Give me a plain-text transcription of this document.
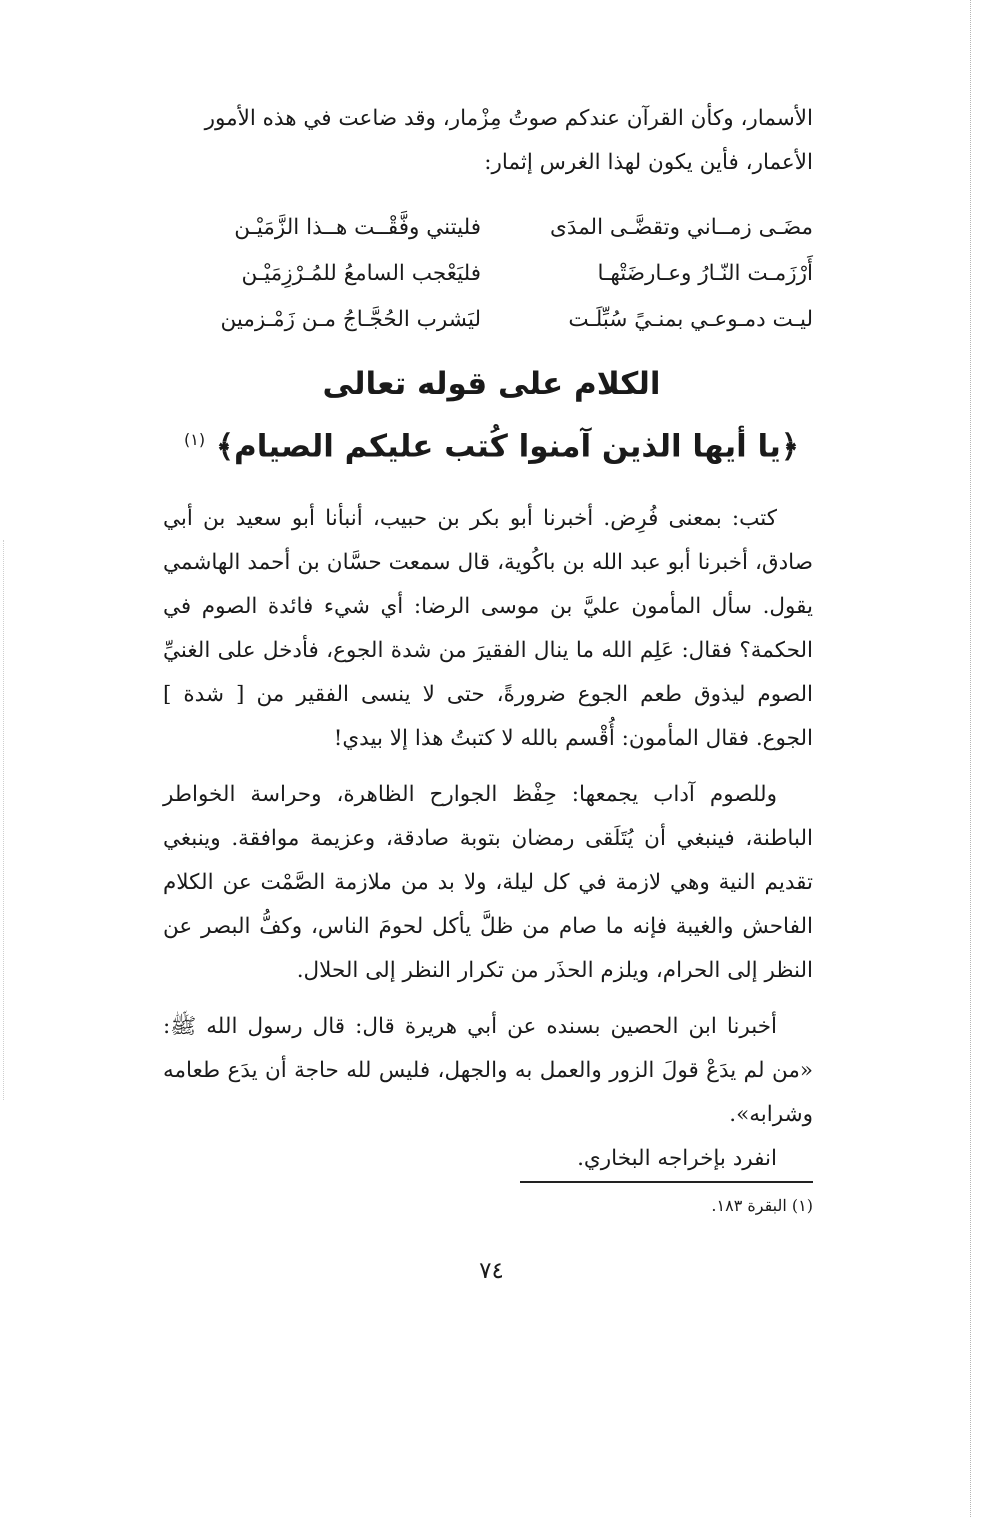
الأسمار، وكأن القرآن عندكم صوتُ مِزْمار، وقد ضاعت في هذه الأمور

الأعمار، فأين يكون لهذا الغرس إثمار:

مضَـى زمــاني وتقضَّـى المدَى
فليتني وفَّقْــت هــذا الزَّمَيْـن
أَرْزَمـت النّـارُ وعـارضَتْهـا
فليَعْجب السامعُ للمُـرْزِمَيْـن
ليـت دمـوعـي بمنـيً سُبِّلَـت
ليَشرب الحُجَّـاجُ مـن زَمْـزمين
الكلام على قوله تعالى
﴿يا أيها الذين آمنوا كُتب عليكم الصيام﴾ $^{(١)}$

كتب: بمعنى فُرِض. أخبرنا أبو بكر بن حبيب، أنبأنا أبو سعيد بن أبي صادق، أخبرنا أبو عبد الله بن باكُوية، قال سمعت حسَّان بن أحمد الهاشمي يقول. سأل المأمون عليَّ بن موسى الرضا: أي شيء فائدة الصوم في الحكمة؟ فقال: عَلِم الله ما ينال الفقيرَ من شدة الجوع، فأدخل على الغنيِّ الصوم ليذوق طعم الجوع ضرورةً، حتى لا ينسى الفقير من [ شدة ] الجوع. فقال المأمون: أُقْسم بالله لا كتبتُ هذا إلا بيدي!

وللصوم آداب يجمعها: حِفْظ الجوارح الظاهرة، وحراسة الخواطر الباطنة، فينبغي أن يُتَلَقى رمضان بتوبة صادقة، وعزيمة موافقة. وينبغي تقديم النية وهي لازمة في كل ليلة، ولا بد من ملازمة الصَّمْت عن الكلام الفاحش والغيبة فإنه ما صام من ظلَّ يأكل لحومَ الناس، وكفُّ البصر عن النظر إلى الحرام، ويلزم الحذَر من تكرار النظر إلى الحلال.

أخبرنا ابن الحصين بسنده عن أبي هريرة قال: قال رسول الله ﷺ: «من لم يدَعْ قولَ الزور والعمل به والجهل، فليس لله حاجة أن يدَع طعامه وشرابه».

انفرد بإخراجه البخاري.

(١) البقرة ١٨٣.
٧٤
